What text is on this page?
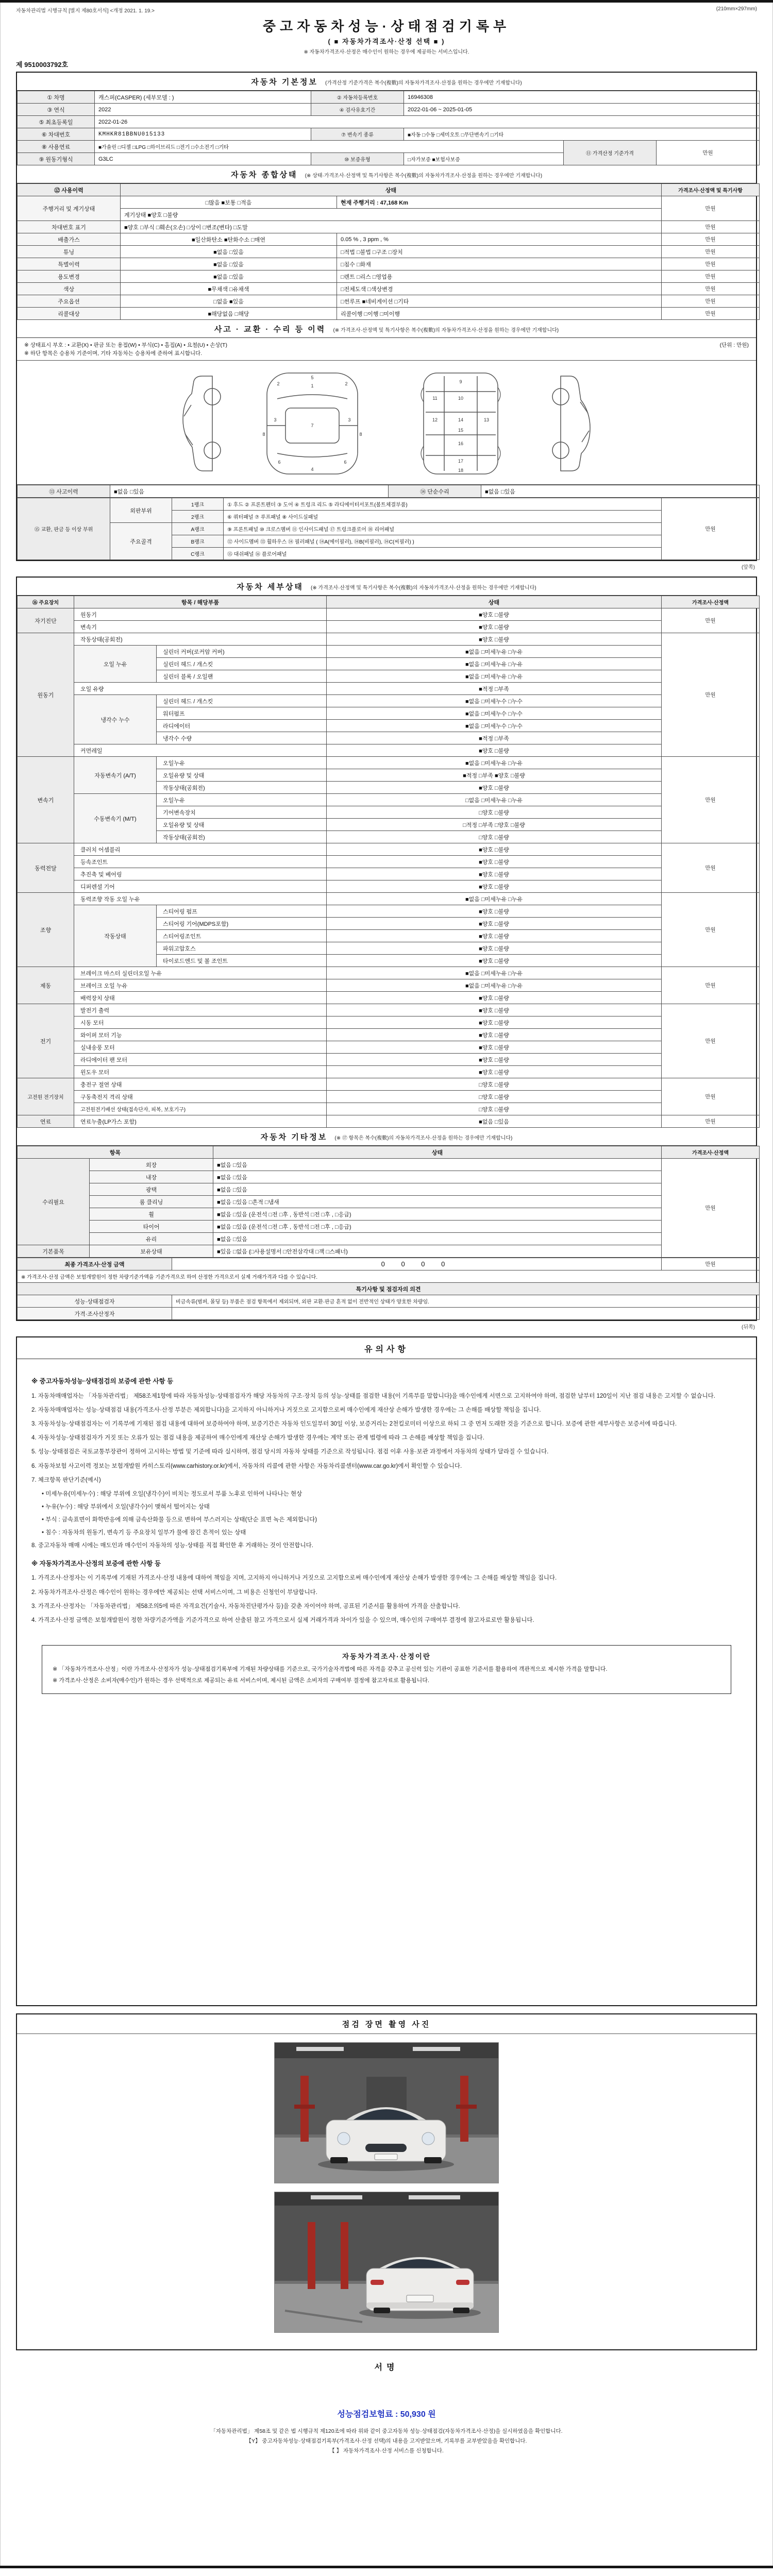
자동차관리법 시행규칙 [별지 제80호서식] <개정 2021. 1. 19.>	(210mm×297mm)
중고자동차성능·상태점검기록부
( ■ 자동차가격조사·산정 선택 ■ )
※ 자동차가격조사·산정은 매수인이 원하는 경우에 제공하는 서비스입니다.
제 9510003792호
자동차 기본정보 (가격산정 기준가격은 복수(複數)의 자동차가격조사·산정을 원하는 경우에만 기재합니다)
① 차명	캐스퍼(CASPER) (세부모델 : )	② 자동차등록번호	16946308		
③ 연식	2022	④ 검사유효기간	2022-01-06 ~ 2025-01-05		
⑤ 최초등록일	2022-01-26				
⑥ 차대번호	KMHKR81BBNU015133	⑦ 변속기 종류	■자동 □수동 □세미오토 □무단변속기 □기타		
⑧ 사용연료	■가솔린 □디젤 □LPG □하이브리드 □전기 □수소전기 □기타			⑪ 가격산정 기준가격	만원
⑨ 원동기형식	G3LC	⑩ 보증유형	□자가보증 ■보험사보증		
자동차 종합상태 (※ 상태·가격조사·산정액 및 특기사항은 복수(複數)의 자동차가격조사·산정을 원하는 경우에만 기재합니다)
⑫ 사용이력	상태		가격조사·산정액 및 특기사항
주행거리 및 계기상태	□많음 ■보통 □적음	현재 주행거리 : 47,168 Km	만원
	계기상태 ■양호 □불량		
차대번호 표기	■양호 □부식 □훼손(오손) □상이 □변조(변타) □도말		만원
배출가스	■일산화탄소 ■탄화수소 □매연	0.05 % , 3 ppm , %	만원
튜닝	■없음 □있음	□적법 □불법 □구조 □장치	만원
특별이력	■없음 □있음	□침수 □화재	만원
용도변경	■없음 □있음	□렌트 □리스 □영업용	만원
색상	■무채색 □유채색	□전체도색 □색상변경	만원
주요옵션	□없음 ■있음	□썬루프 ■네비게이션 □기타	만원
리콜대상	■해당없음 □해당	리콜이행 □이행 □미이행	만원
사고 · 교환 · 수리 등 이력 (※ 가격조사·산정액 및 특기사항은 복수(複數)의 자동차가격조사·산정을 원하는 경우에만 기재합니다)
※ 상태표시 부호 : • 교환(X) • 판금 또는 용접(W) • 부식(C) • 흠집(A) • 요철(U) • 손상(T)	(단위 : 만원)
※ 하단 항목은 승용차 기준이며, 기타 자동차는 승용차에 준하여 표시합니다.
5
1
2	2
3	3
4
6	6
7
8	8
9
10
11
12	13
14
15
16
17
18
⑬ 사고이력	■없음 □있음	⑭ 단순수리	■없음 □있음
⑮ 교환, 판금 등 이상 부위	외판부위	1랭크	① 후드 ② 프론트펜더 ③ 도어 ④ 트렁크 리드 ⑤ 라디에이터서포트(볼트체결부품)	만원
		2랭크	⑥ 쿼터패널 ⑦ 루프패널 ⑧ 사이드실패널	
	주요골격	A랭크	⑨ 프론트패널 ⑩ 크로스멤버 ⑪ 인사이드패널 ⑰ 트렁크플로어 ⑱ 리어패널	
		B랭크	⑫ 사이드멤버 ⑬ 휠하우스 ⑭ 필러패널 ( ⑭A(에이필러), ⑭B(비필러), ⑭C(씨필러) )	
		C랭크	⑮ 대쉬패널 ⑯ 플로어패널	
(앞쪽)
자동차 세부상태 (※ 가격조사·산정액 및 특기사항은 복수(複數)의 자동차가격조사·산정을 원하는 경우에만 기재합니다)
⑯ 주요장치	항목 / 해당부품		상태	가격조사·산정액
자기진단	원동기		■양호 □불량	만원
	변속기		■양호 □불량	
원동기	작동상태(공회전)		■양호 □불량	만원
	오일 누유	실린더 커버(로커암 커버)	■없음 □미세누유 □누유	
		실린더 헤드 / 개스킷	■없음 □미세누유 □누유	
		실린더 블록 / 오일팬	■없음 □미세누유 □누유	
	오일 유량		■적정 □부족	
	냉각수 누수	실린더 헤드 / 개스킷	■없음 □미세누수 □누수	
		워터펌프	■없음 □미세누수 □누수	
		라디에이터	■없음 □미세누수 □누수	
		냉각수 수량	■적정 □부족	
	커먼레일		■양호 □불량	
변속기	자동변속기 (A/T)	오일누유	■없음 □미세누유 □누유	만원
		오일유량 및 상태	■적정 □부족 ■양호 □불량	
		작동상태(공회전)	■양호 □불량	
	수동변속기 (M/T)	오일누유	□없음 □미세누유 □누유	
		기어변속장치	□양호 □불량	
		오일유량 및 상태	□적정 □부족 □양호 □불량	
		작동상태(공회전)	□양호 □불량	
동력전달	클러치 어셈블리		■양호 □불량	만원
	등속조인트		■양호 □불량	
	추진축 및 베어링		■양호 □불량	
	디퍼렌셜 기어		■양호 □불량	
조향	동력조향 작동 오일 누유		■없음 □미세누유 □누유	만원
	작동상태	스티어링 펌프	■양호 □불량	
		스티어링 기어(MDPS포함)	■양호 □불량	
		스티어링조인트	■양호 □불량	
		파워고압호스	■양호 □불량	
		타이로드엔드 및 볼 조인트	■양호 □불량	
제동	브레이크 마스터 실린더오일 누유		■없음 □미세누유 □누유	만원
	브레이크 오일 누유		■없음 □미세누유 □누유	
	배력장치 상태		■양호 □불량	
전기	발전기 출력		■양호 □불량	만원
	시동 모터		■양호 □불량	
	와이퍼 모터 기능		■양호 □불량	
	실내송풍 모터		■양호 □불량	
	라디에이터 팬 모터		■양호 □불량	
	윈도우 모터		■양호 □불량	
고전원 전기장치	충전구 절연 상태		□양호 □불량	만원
	구동축전지 격리 상태		□양호 □불량	
	고전원전기배선 상태(접속단자, 피복, 보호기구)		□양호 □불량	
연료	연료누출(LP가스 포함)		■없음 □있음	만원
자동차 기타정보 (※ ⑰ 항목은 복수(複數)의 자동차가격조사·산정을 원하는 경우에만 기재합니다)
항목		상태	가격조사·산정액
수리필요	외장	■없음 □있음	만원
	내장	■없음 □있음	
	광택	■없음 □있음	
	룸 클리닝	■없음 □있음 □흔적 □냄새	
	휠	■없음 □있음 (운전석 □전 □후 , 동반석 □전 □후 , □응급)	
	타이어	■없음 □있음 (운전석 □전 □후 , 동반석 □전 □후 , □응급)	
	유리	■없음 □있음	
기본품목	보유상태	■있음 □없음 (□사용설명서 □안전삼각대 □잭 □스패너)	
최종 가격조사·산정 금액	0 0 0 0	만원
※ 가격조사·산정 금액은 보험개발원이 정한 차량기준가액을 기준가격으로 하여 산정한 가격으로서 실제 거래가격과 다를 수 있습니다.		
특기사항 및 점검자의 의견		
성능·상태점검자	비금속류(범퍼, 몰딩 등) 부품은 점검 항목에서 제외되며, 외판 교환·판금 흔적 없이 전반적인 상태가 양호한 차량임.	
가격·조사산정자		
(뒤쪽)
유의사항
※ 중고자동차성능·상태점검의 보증에 관한 사항 등
1. 자동차매매업자는 「자동차관리법」 제58조제1항에 따라 자동차성능·상태점검자가 해당 자동차의 구조·장치 등의 성능·상태를 점검한 내용(이 기록부를 말합니다)을 매수인에게 서면으로 고지하여야 하며, 점검한 날부터 120일이 지난 점검 내용은 고지할 수 없습니다.
2. 자동차매매업자는 성능·상태점검 내용(가격조사·산정 부분은 제외합니다)을 고지하지 아니하거나 거짓으로 고지함으로써 매수인에게 재산상 손해가 발생한 경우에는 그 손해를 배상할 책임을 집니다.
3. 자동차성능·상태점검자는 이 기록부에 기재된 점검 내용에 대하여 보증하여야 하며, 보증기간은 자동차 인도일부터 30일 이상, 보증거리는 2천킬로미터 이상으로 하되 그 중 먼저 도래한 것을 기준으로 합니다. 보증에 관한 세부사항은 보증서에 따릅니다.
4. 자동차성능·상태점검자가 거짓 또는 오류가 있는 점검 내용을 제공하여 매수인에게 재산상 손해가 발생한 경우에는 계약 또는 관계 법령에 따라 그 손해를 배상할 책임을 집니다.
5. 성능·상태점검은 국토교통부장관이 정하여 고시하는 방법 및 기준에 따라 실시하며, 점검 당시의 자동차 상태를 기준으로 작성됩니다. 점검 이후 사용·보관 과정에서 자동차의 상태가 달라질 수 있습니다.
6. 자동차보험 사고이력 정보는 보험개발원 카히스토리(www.carhistory.or.kr)에서, 자동차의 리콜에 관한 사항은 자동차리콜센터(www.car.go.kr)에서 확인할 수 있습니다.
7. 체크항목 판단기준(예시)
• 미세누유(미세누수) : 해당 부위에 오일(냉각수)이 비치는 정도로서 부품 노후로 인하여 나타나는 현상
• 누유(누수) : 해당 부위에서 오일(냉각수)이 맺혀서 떨어지는 상태
• 부식 : 금속표면이 화학반응에 의해 금속산화물 등으로 변하여 부스러지는 상태(단순 표면 녹은 제외합니다)
• 침수 : 자동차의 원동기, 변속기 등 주요장치 일부가 물에 잠긴 흔적이 있는 상태
8. 중고자동차 매매 시에는 매도인과 매수인이 자동차의 성능·상태를 직접 확인한 후 거래하는 것이 안전합니다.
※ 자동차가격조사·산정의 보증에 관한 사항 등
1. 가격조사·산정자는 이 기록부에 기재된 가격조사·산정 내용에 대하여 책임을 지며, 고지하지 아니하거나 거짓으로 고지함으로써 매수인에게 재산상 손해가 발생한 경우에는 그 손해를 배상할 책임을 집니다.
2. 자동차가격조사·산정은 매수인이 원하는 경우에만 제공되는 선택 서비스이며, 그 비용은 신청인이 부담합니다.
3. 가격조사·산정자는 「자동차관리법」 제58조의5에 따른 자격요건(기술사, 자동차진단평가사 등)을 갖춘 자이어야 하며, 공표된 기준서를 활용하여 가격을 산출합니다.
4. 가격조사·산정 금액은 보험개발원이 정한 차량기준가액을 기준가격으로 하여 산출된 참고 가격으로서 실제 거래가격과 차이가 있을 수 있으며, 매수인의 구매여부 결정에 참고자료로만 활용됩니다.
자동차가격조사·산정이란
※ 「자동차가격조사·산정」이란 가격조사·산정자가 성능·상태점검기록부에 기재된 차량상태를 기준으로, 국가기술자격법에 따른 자격을 갖추고 공신력 있는 기관이 공표한 기준서를 활용하여 객관적으로 제시한 가격을 말합니다.
※ 가격조사·산정은 소비자(매수인)가 원하는 경우 선택적으로 제공되는 유료 서비스이며, 제시된 금액은 소비자의 구매여부 결정에 참고자료로 활용됩니다.
점검 장면 촬영 사진
서명
성능점검보험료 : 50,930 원
「자동차관리법」 제58조 및 같은 법 시행규칙 제120조에 따라 위와 같이 중고자동차 성능·상태점검(자동차가격조사·산정)을 실시하였음을 확인합니다.
【Y】 중고자동차성능·상태점검기록부(가격조사·산정 선택)의 내용을 고지받았으며, 기록부를 교부받았음을 확인합니다.
【 】 자동차가격조사·산정 서비스를 신청합니다.
